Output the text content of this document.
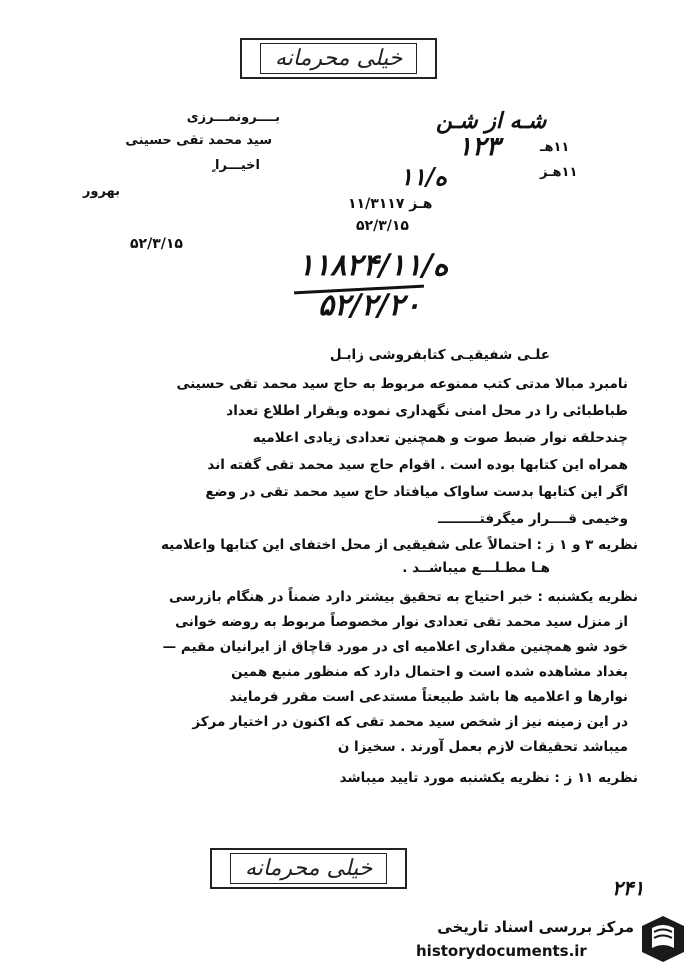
خیلی محرمانه
بــــرونمـــرزی
سید محمد تقی حسینی
اخیـــرا ٍ
بهرور
۵۲/۳/۱۵
شـه از شـن
۱۲۳	۱۱هـ
۱۱هـز
۱۱/ه
۱۱/۳۱۱۷ هـز
۵۲/۳/۱۵
۱۱۸۲۴/۱۱/ه
۵۲/۲/۲۰
علـی شفیقیـی کتابفروشی زابـل
نامبرد مبالا مدتی کتب ممنوعه مربوط به حاج سید محمد تقی حسینی
طباطبائی را در محل امنی نگهداری نموده وبقرار اطلاع تعداد
چندحلقه نوار ضبط صوت و همچنین تعدادی زیادی اعلامیه
همراه این کتابها بوده است . اقوام حاج سید محمد تقی گفته اند
اگر این کتابها بدست ساواک میافتاد حاج سید محمد تقی در وضع
وخیمی قــــرار میگرفتـــــــــ
نظریه ۳ و ۱ ز : احتمالاً علی شفیقیی از محل اختفای این کتابها واعلامیه
هـا مطـلـــع میباشــد .
نظریه یکشنبه : خبر احتیاج به تحقیق بیشتر دارد ضمناً در هنگام بازرسی
از منزل سید محمد تقی تعدادی نوار مخصوصاً مربوط به روضه خوانی
خود شو همچنین مقداری اعلامیه ای در مورد قاچاق از ایرانیان مقیم —
بغداد مشاهده شده است و احتمال دارد که منظور منبع همین
نوارها و اعلامیه ها باشد طبیعتاً مستدعی است مقرر فرمایند
در این زمینه نیز از شخص سید محمد تقی که اکنون در اختیار مرکز
میباشد تحقیقات لازم بعمل آورند . سخیزا ن
نظریه ۱۱ ز : نظریه یکشنبه مورد تایید میباشد
خیلی محرمانه
۲۴۱
مرکز بررسی اسناد تاریخی
historydocuments.ir
